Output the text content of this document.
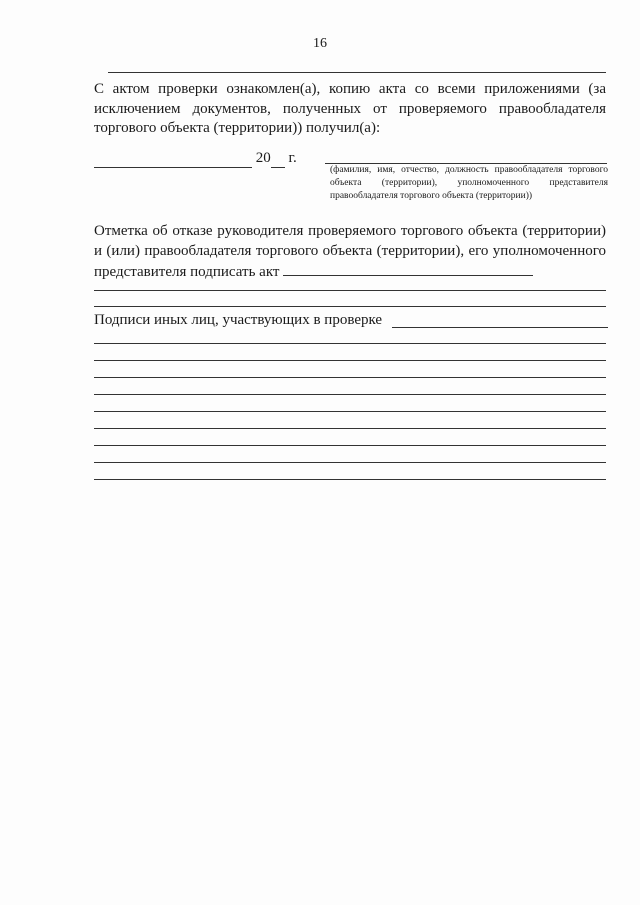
16

С актом проверки ознакомлен(а), копию акта со всеми приложениями (за исключением документов, полученных от проверяемого правообладателя торгового объекта (территории)) получил(а):

20 г.

(фамилия, имя, отчество, должность правообладателя торгового объекта (территории), уполномоченного представителя правообладателя торгового объекта (территории))

Отметка об отказе руководителя проверяемого торгового объекта (территории) и (или) правообладателя торгового объекта (территории), его уполномоченного представителя подписать акт

Подписи иных лиц, участвующих в проверке
